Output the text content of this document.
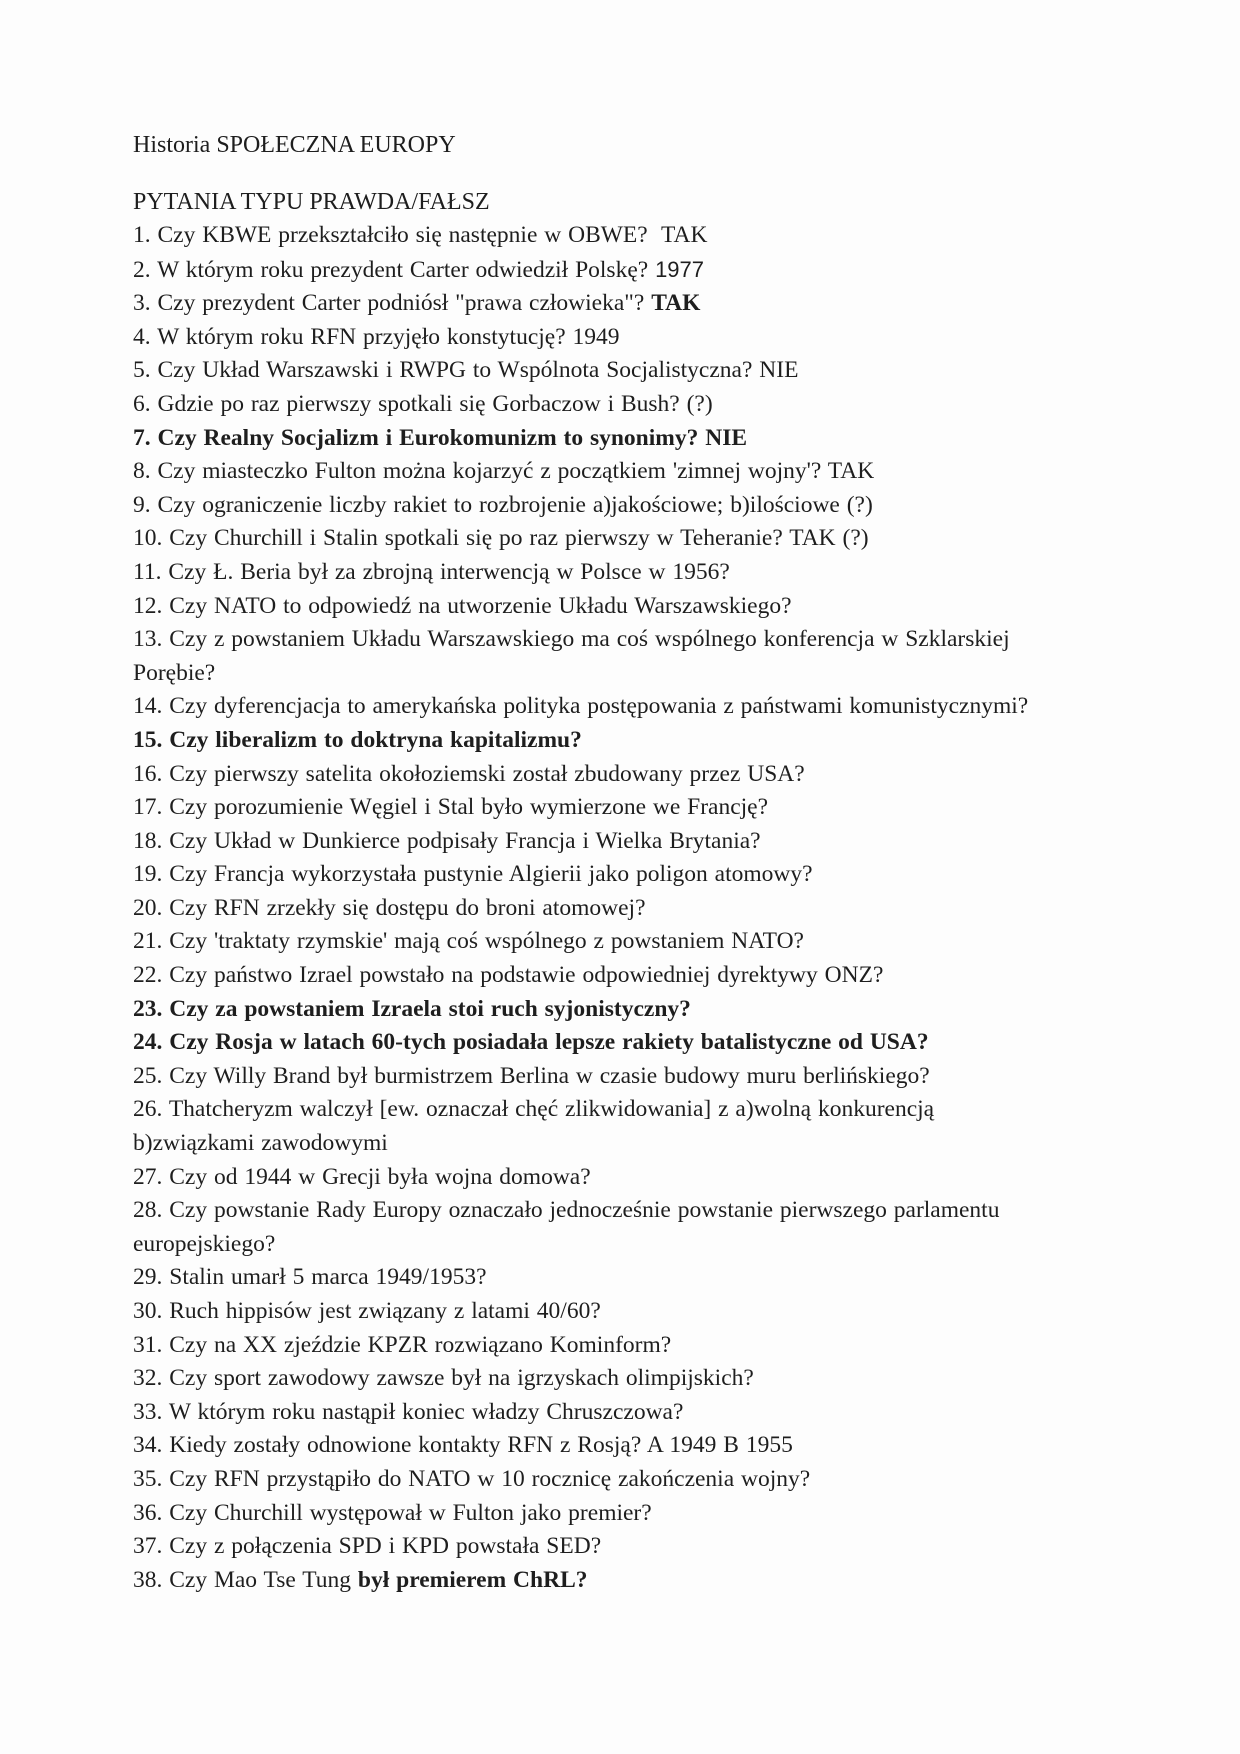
Historia SPOŁECZNA EUROPY

PYTANIA TYPU PRAWDA/FAŁSZ

1. Czy KBWE przekształciło się następnie w OBWE?  TAK

2. W którym roku prezydent Carter odwiedził Polskę? 1977

3. Czy prezydent Carter podniósł "prawa człowieka"? TAK

4. W którym roku RFN przyjęło konstytucję? 1949

5. Czy Układ Warszawski i RWPG to Wspólnota Socjalistyczna? NIE

6. Gdzie po raz pierwszy spotkali się Gorbaczow i Bush? (?)

7. Czy Realny Socjalizm i Eurokomunizm to synonimy? NIE

8. Czy miasteczko Fulton można kojarzyć z początkiem 'zimnej wojny'? TAK

9. Czy ograniczenie liczby rakiet to rozbrojenie a)jakościowe; b)ilościowe (?)

10. Czy Churchill i Stalin spotkali się po raz pierwszy w Teheranie? TAK (?)

11. Czy Ł. Beria był za zbrojną interwencją w Polsce w 1956?

12. Czy NATO to odpowiedź na utworzenie Układu Warszawskiego?

13. Czy z powstaniem Układu Warszawskiego ma coś wspólnego konferencja w Szklarskiej
Porębie?

14. Czy dyferencjacja to amerykańska polityka postępowania z państwami komunistycznymi?

15. Czy liberalizm to doktryna kapitalizmu?

16. Czy pierwszy satelita okołoziemski został zbudowany przez USA?

17. Czy porozumienie Węgiel i Stal było wymierzone we Francję?

18. Czy Układ w Dunkierce podpisały Francja i Wielka Brytania?

19. Czy Francja wykorzystała pustynie Algierii jako poligon atomowy?

20. Czy RFN zrzekły się dostępu do broni atomowej?

21. Czy 'traktaty rzymskie' mają coś wspólnego z powstaniem NATO?

22. Czy państwo Izrael powstało na podstawie odpowiedniej dyrektywy ONZ?

23. Czy za powstaniem Izraela stoi ruch syjonistyczny?

24. Czy Rosja w latach 60-tych posiadała lepsze rakiety batalistyczne od USA?

25. Czy Willy Brand był burmistrzem Berlina w czasie budowy muru berlińskiego?

26. Thatcheryzm walczył [ew. oznaczał chęć zlikwidowania] z a)wolną konkurencją
b)związkami zawodowymi

27. Czy od 1944 w Grecji była wojna domowa?

28. Czy powstanie Rady Europy oznaczało jednocześnie powstanie pierwszego parlamentu
europejskiego?

29. Stalin umarł 5 marca 1949/1953?

30. Ruch hippisów jest związany z latami 40/60?

31. Czy na XX zjeździe KPZR rozwiązano Kominform?

32. Czy sport zawodowy zawsze był na igrzyskach olimpijskich?

33. W którym roku nastąpił koniec władzy Chruszczowa?

34. Kiedy zostały odnowione kontakty RFN z Rosją? A 1949 B 1955

35. Czy RFN przystąpiło do NATO w 10 rocznicę zakończenia wojny?

36. Czy Churchill występował w Fulton jako premier?

37. Czy z połączenia SPD i KPD powstała SED?

38. Czy Mao Tse Tung był premierem ChRL?
